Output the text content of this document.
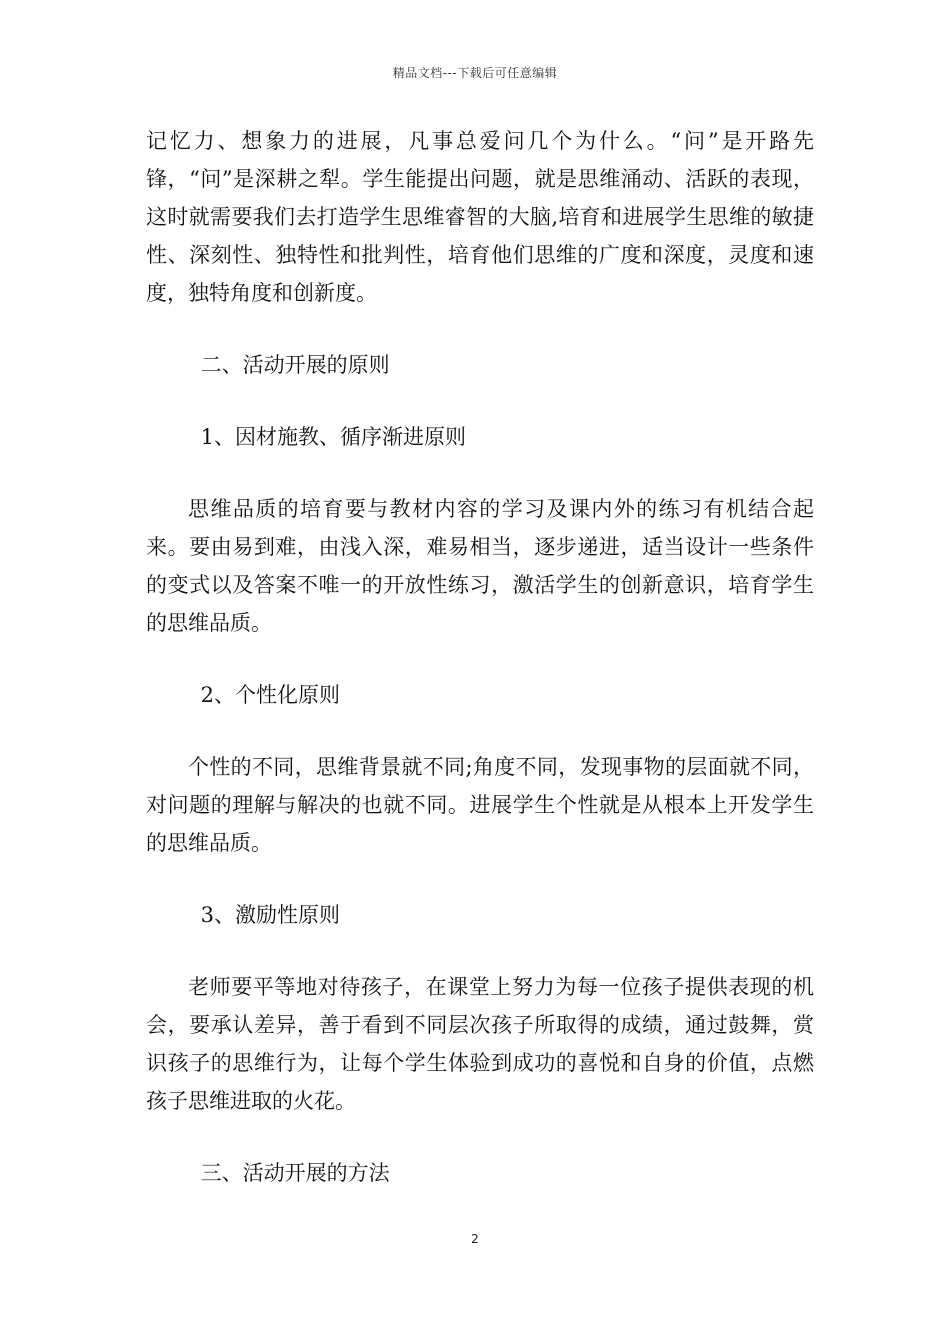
精品文档---下载后可任意编辑

记忆力、想象力的进展，凡事总爱问几个为什么。“问”是开路先锋，“问”是深耕之犁。学生能提出问题，就是思维涌动、活跃的表现，这时就需要我们去打造学生思维睿智的大脑,培育和进展学生思维的敏捷性、深刻性、独特性和批判性，培育他们思维的广度和深度，灵度和速度，独特角度和创新度。

二、活动开展的原则

1、因材施教、循序渐进原则

思维品质的培育要与教材内容的学习及课内外的练习有机结合起来。要由易到难，由浅入深，难易相当，逐步递进，适当设计一些条件的变式以及答案不唯一的开放性练习，激活学生的创新意识，培育学生的思维品质。

2、个性化原则

个性的不同，思维背景就不同;角度不同，发现事物的层面就不同，对问题的理解与解决的也就不同。进展学生个性就是从根本上开发学生的思维品质。

3、激励性原则

老师要平等地对待孩子，在课堂上努力为每一位孩子提供表现的机会，要承认差异，善于看到不同层次孩子所取得的成绩，通过鼓舞，赏识孩子的思维行为，让每个学生体验到成功的喜悦和自身的价值，点燃孩子思维进取的火花。

三、活动开展的方法

2
